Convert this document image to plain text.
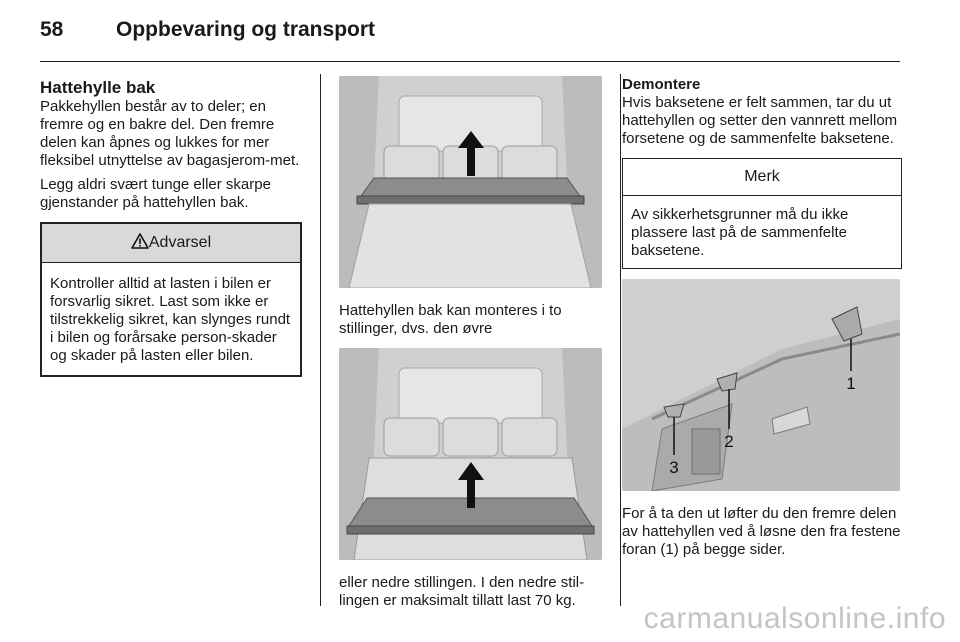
58	Oppbevaring og transport
Hattehylle bak

Pakkehyllen består av to deler; en fremre og en bakre del. Den fremre delen kan åpnes og lukkes for mer fleksibel utnyttelse av bagasjerom-met.

Legg aldri svært tunge eller skarpe gjenstander på hattehyllen bak.

Advarsel
Kontroller alltid at lasten i bilen er forsvarlig sikret. Last som ikke er tilstrekkelig sikret, kan slynges rundt i bilen og forårsake person-skader og skader på lasten eller bilen.

Hattehyllen bak kan monteres i to stillinger, dvs. den øvre

eller nedre stillingen. I den nedre stil-lingen er maksimalt tillatt last 70 kg.

Demontere

Hvis baksetene er felt sammen, tar du ut hattehyllen og setter den vannrett mellom forsetene og de sammenfelte baksetene.

Merk
Av sikkerhetsgrunner må du ikke plassere last på de sammenfelte baksetene.
1
2
3

For å ta den ut løfter du den fremre delen av hattehyllen ved å løsne den fra festene foran (1) på begge sider.

carmanualsonline.info
